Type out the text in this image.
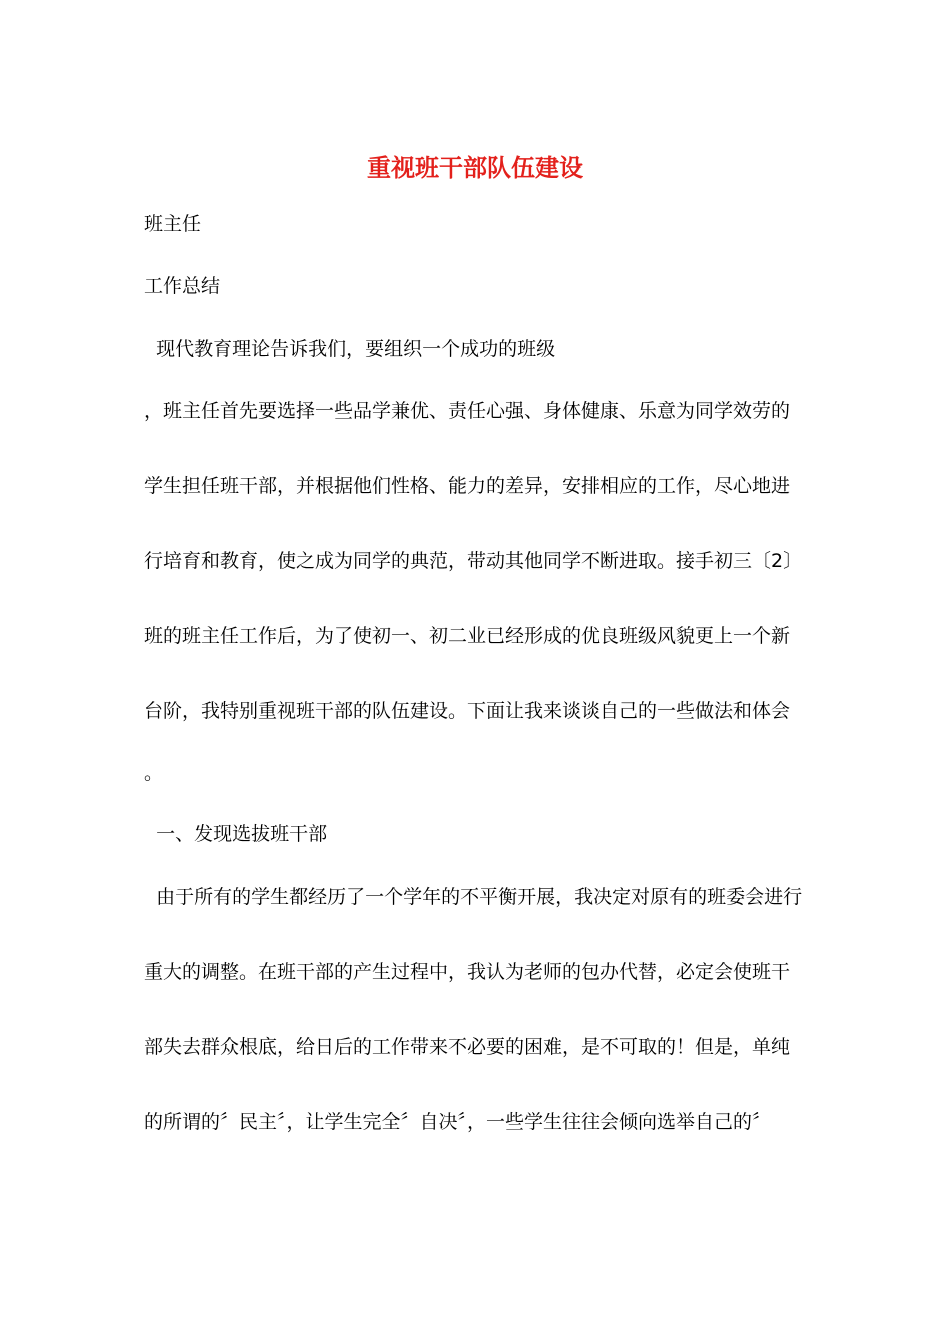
重视班干部队伍建设
班主任
工作总结
现代教育理论告诉我们，要组织一个成功的班级
，班主任首先要选择一些品学兼优、责任心强、身体健康、乐意为同学效劳的
学生担任班干部，并根据他们性格、能力的差异，安排相应的工作，尽心地进
行培育和教育，使之成为同学的典范，带动其他同学不断进取。接手初三〔2〕
班的班主任工作后，为了使初一、初二业已经形成的优良班级风貌更上一个新
台阶，我特别重视班干部的队伍建设。下面让我来谈谈自己的一些做法和体会
。
一、发现选拔班干部
由于所有的学生都经历了一个学年的不平衡开展，我决定对原有的班委会进行
重大的调整。在班干部的产生过程中，我认为老师的包办代替，必定会使班干
部失去群众根底，给日后的工作带来不必要的困难，是不可取的！但是，单纯
的所谓的〞民主〞，让学生完全〞自决〞，一些学生往往会倾向选举自己的〞
